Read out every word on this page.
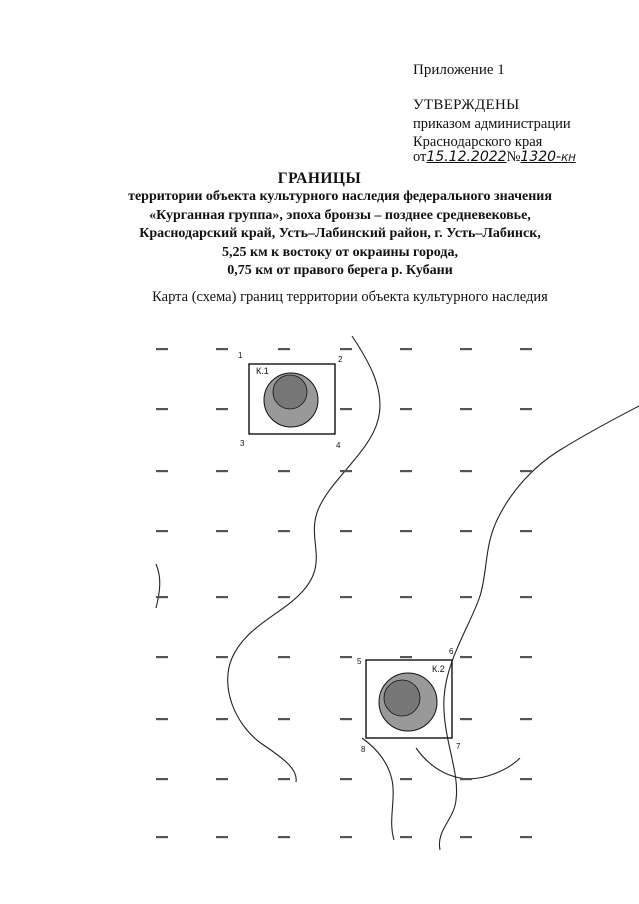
Приложение 1
УТВЕРЖДЕНЫ
приказом администрации
Краснодарского края
от15.12.2022№1320-КН
ГРАНИЦЫ
территории объекта культурного наследия федерального значения
«Курганная группа», эпоха бронзы – позднее средневековье,
Краснодарский край, Усть–Лабинский район, г. Усть–Лабинск,
5,25 км к востоку от окраины города,
0,75 км от правого берега р. Кубани
Карта (схема) границ территории объекта культурного наследия
К.1
1	2
3	4
К.2
5
6
7
8
